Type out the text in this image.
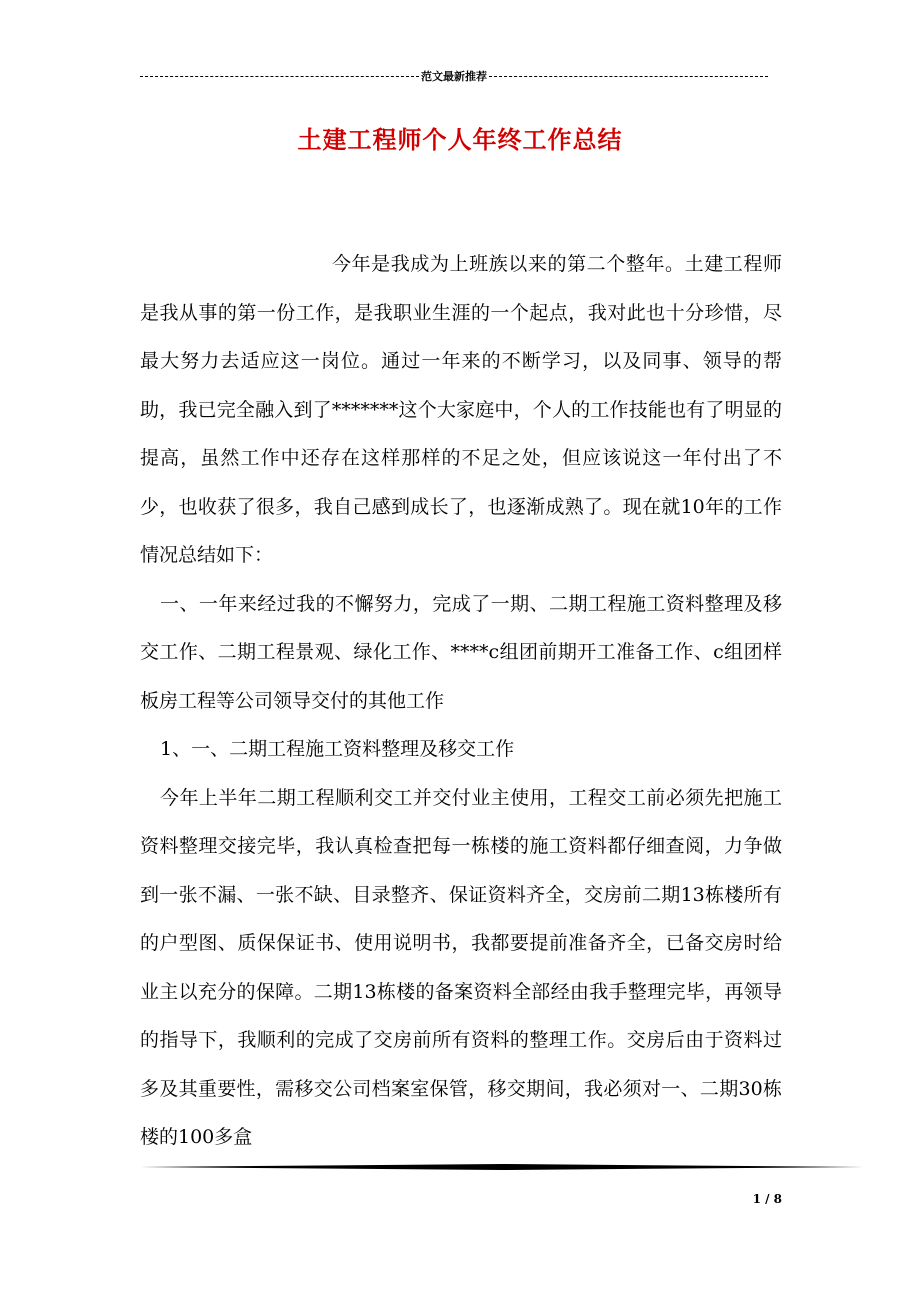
范文最新推荐
土建工程师个人年终工作总结

今年是我成为上班族以来的第二个整年。土建工程师是我从事的第一份工作，是我职业生涯的一个起点，我对此也十分珍惜，尽最大努力去适应这一岗位。通过一年来的不断学习，以及同事、领导的帮助，我已完全融入到了*******这个大家庭中，个人的工作技能也有了明显的提高，虽然工作中还存在这样那样的不足之处，但应该说这一年付出了不少，也收获了很多，我自己感到成长了，也逐渐成熟了。现在就10年的工作情况总结如下：

一、一年来经过我的不懈努力，完成了一期、二期工程施工资料整理及移交工作、二期工程景观、绿化工作、****c组团前期开工准备工作、c组团样板房工程等公司领导交付的其他工作

1、一、二期工程施工资料整理及移交工作

今年上半年二期工程顺利交工并交付业主使用，工程交工前必须先把施工资料整理交接完毕，我认真检查把每一栋楼的施工资料都仔细查阅，力争做到一张不漏、一张不缺、目录整齐、保证资料齐全，交房前二期13栋楼所有的户型图、质保保证书、使用说明书，我都要提前准备齐全，已备交房时给业主以充分的保障。二期13栋楼的备案资料全部经由我手整理完毕，再领导的指导下，我顺利的完成了交房前所有资料的整理工作。交房后由于资料过多及其重要性，需移交公司档案室保管，移交期间，我必须对一、二期30栋楼的100多盒

1 / 8
